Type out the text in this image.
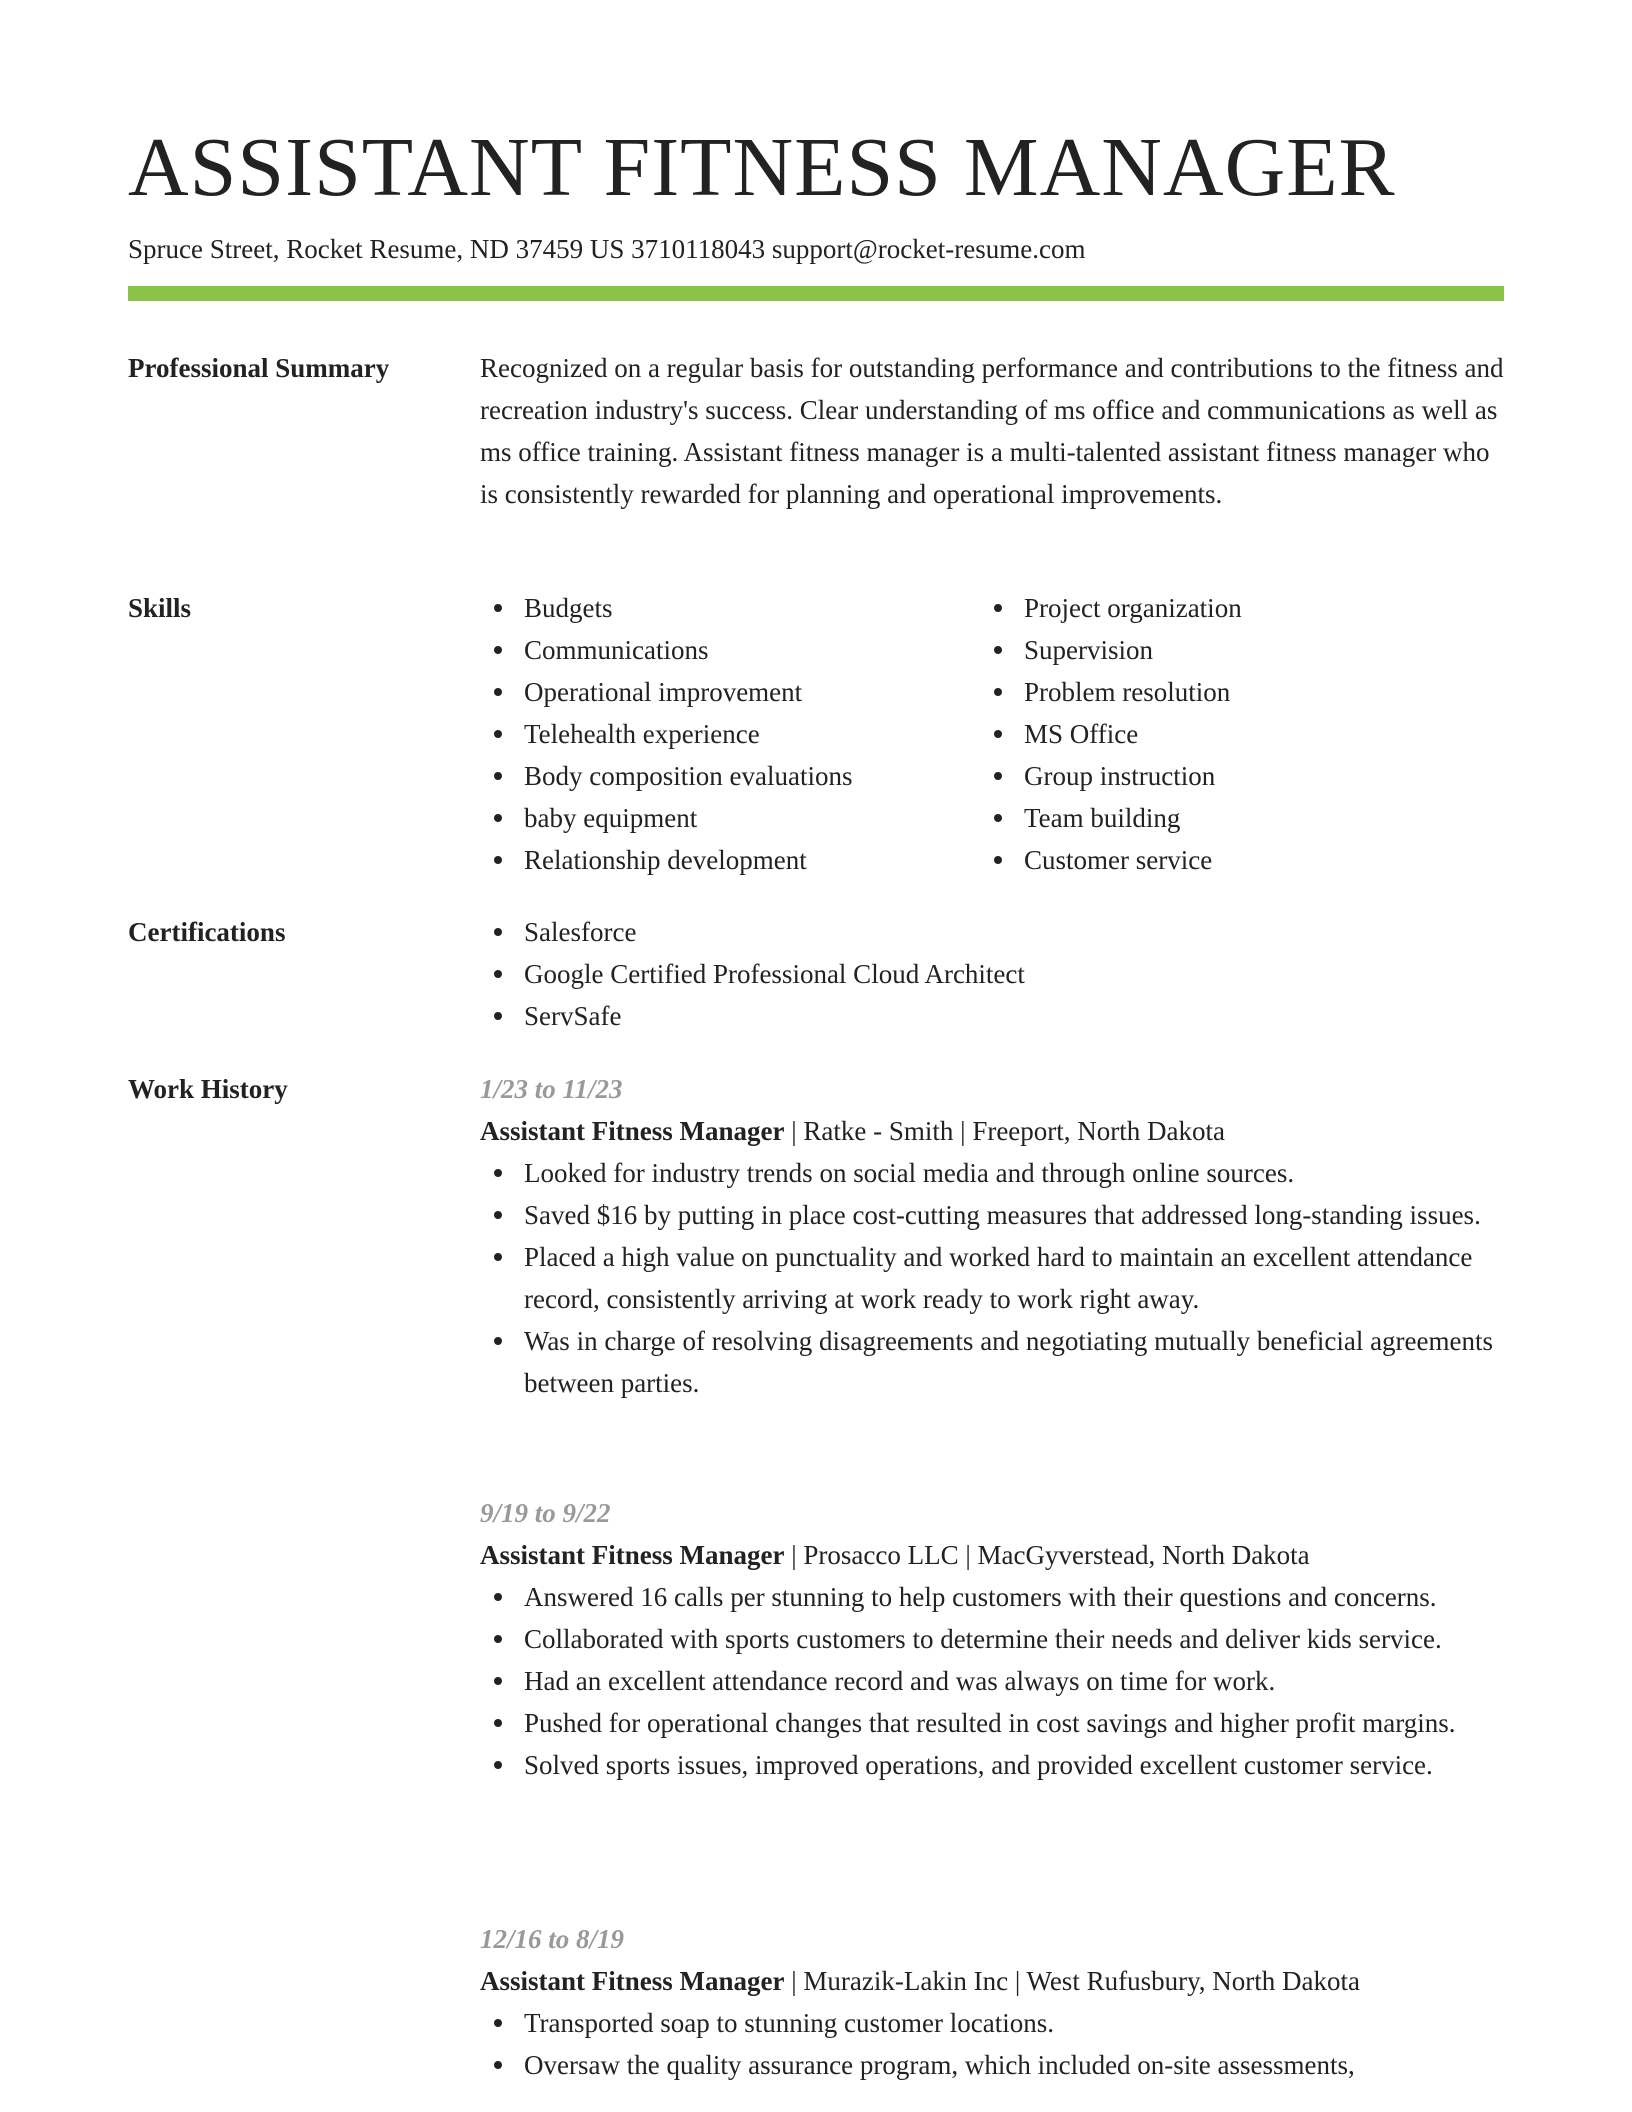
ASSISTANT FITNESS MANAGER
Spruce Street, Rocket Resume, ND 37459 US 3710118043 support@rocket-resume.com
Professional Summary	Recognized on a regular basis for outstanding performance and contributions to the fitness and recreation industry's success. Clear understanding of ms office and communications as well as ms office training. Assistant fitness manager is a multi-talented assistant fitness manager who is consistently rewarded for planning and operational improvements.

Skills	Budgets
Communications
Operational improvement
Telehealth experience
Body composition evaluations
baby equipment
Relationship development
Project organization
Supervision
Problem resolution
MS Office
Group instruction
Team building
Customer service
Certifications	Salesforce
Google Certified Professional Cloud Architect
ServSafe
Work History	1/23 to 11/23
Assistant Fitness Manager | Ratke - Smith | Freeport, North Dakota
Looked for industry trends on social media and through online sources.
Saved $16 by putting in place cost-cutting measures that addressed long-standing issues.
Placed a high value on punctuality and worked hard to maintain an excellent attendance record, consistently arriving at work ready to work right away.
Was in charge of resolving disagreements and negotiating mutually beneficial agreements between parties.
9/19 to 9/22
Assistant Fitness Manager | Prosacco LLC | MacGyverstead, North Dakota
Answered 16 calls per stunning to help customers with their questions and concerns.
Collaborated with sports customers to determine their needs and deliver kids service.
Had an excellent attendance record and was always on time for work.
Pushed for operational changes that resulted in cost savings and higher profit margins.
Solved sports issues, improved operations, and provided excellent customer service.
12/16 to 8/19
Assistant Fitness Manager | Murazik-Lakin Inc | West Rufusbury, North Dakota
Transported soap to stunning customer locations.
Oversaw the quality assurance program, which included on-site assessments,
